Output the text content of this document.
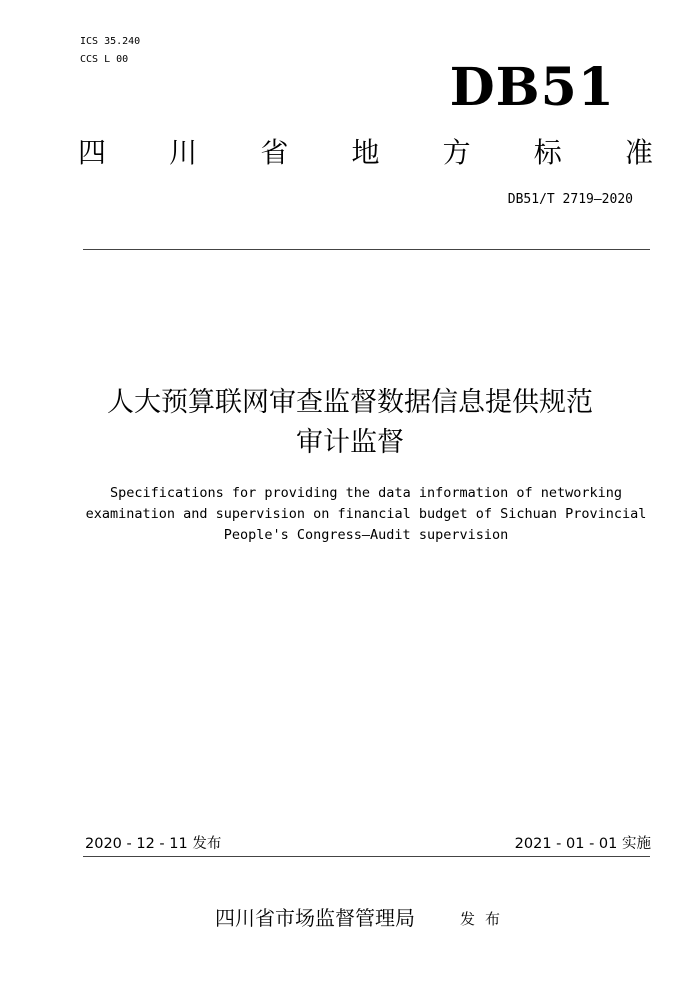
ICS 35.240
CCS L 00	DB51
四 川 省 地 方 标 准
DB51/T 2719—2020
人大预算联网审查监督数据信息提供规范
审计监督
Specifications for providing the data information of networking
examination and supervision on financial budget of Sichuan Provincial
People's Congress—Audit supervision
2020 - 12 - 11 发布	2021 - 01 - 01 实施
四川省市场监督管理局	发布
